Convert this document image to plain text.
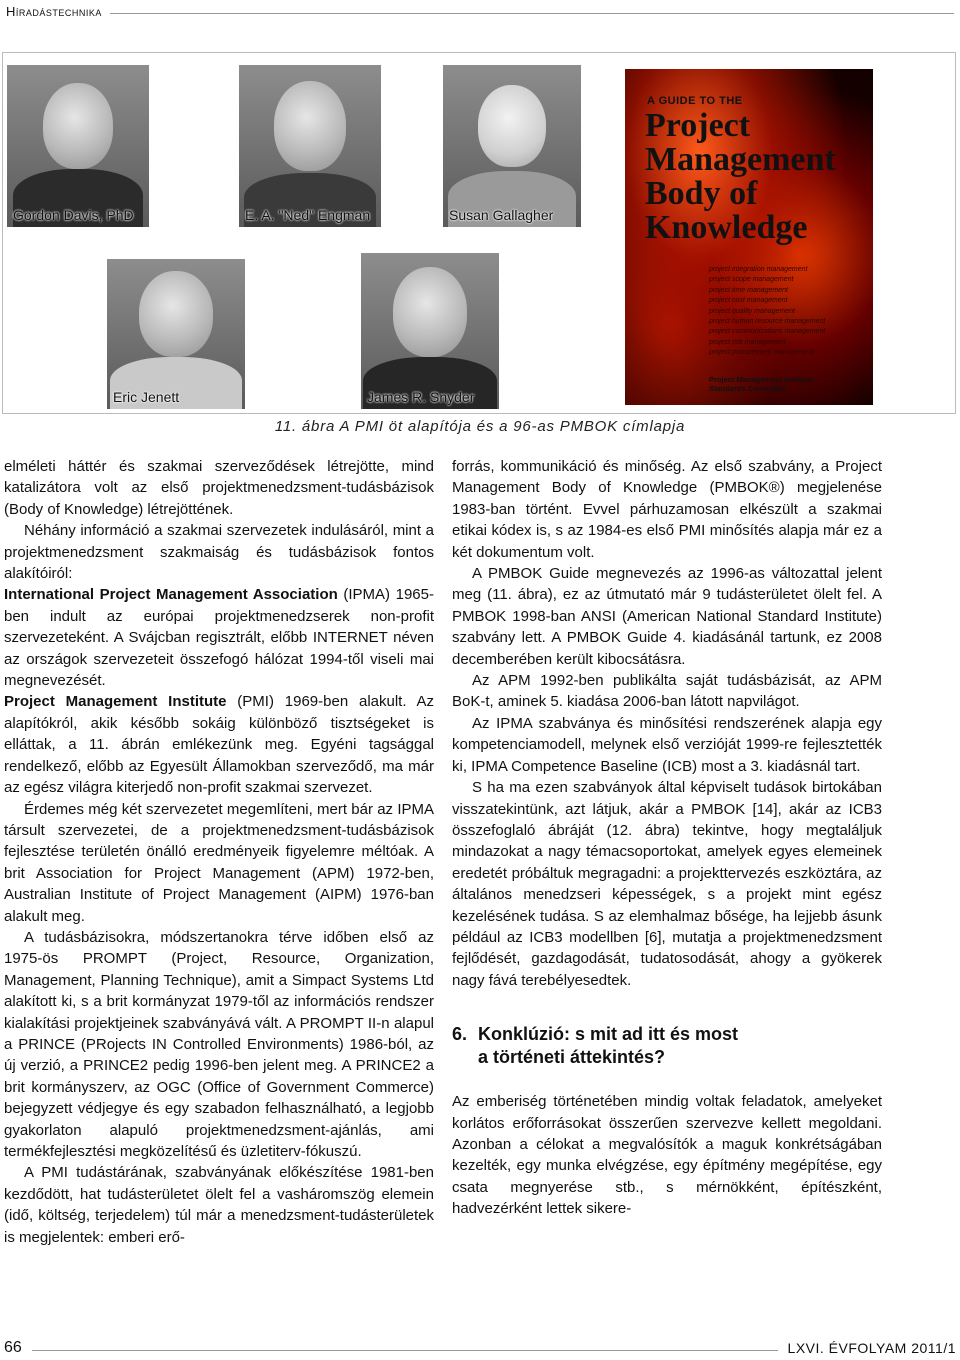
Híradástechnika
Gordon Davis, PhD	E. A. "Ned" Engman	Susan Gallagher
Eric Jenett	James R. Snyder
A GUIDE TO THE
Project
Management
Body of
Knowledge
project integration management
project scope management
project time management
project cost management
project quality management
project human resource management
project communications management
project risk management
project procurement management
Project Management Institute
Standards Committee
11. ábra A PMI öt alapítója és a 96-as PMBOK címlapja

elméleti háttér és szakmai szerveződések létrejötte, mind katalizátora volt az első projektmenedzsment-tudásbázisok (Body of Knowledge) létrejöttének.

Néhány információ a szakmai szervezetek indulásáról, mint a projektmenedzsment szakmaiság és tudásbázisok fontos alakítóiról:

International Project Management Association (IPMA) 1965-ben indult az európai projektmenedzserek non-profit szervezeteként. A Svájcban regisztrált, előbb INTERNET néven az országok szervezeteit összefogó hálózat 1994-től viseli mai megnevezését.

Project Management Institute (PMI) 1969-ben alakult. Az alapítókról, akik később sokáig különböző tisztségeket is elláttak, a 11. ábrán emlékezünk meg. Egyéni tagsággal rendelkező, előbb az Egyesült Államokban szerveződő, ma már az egész világra kiterjedő non-profit szakmai szervezet.

Érdemes még két szervezetet megemlíteni, mert bár az IPMA társult szervezetei, de a projektmenedzsment-tudásbázisok fejlesztése területén önálló eredményeik figyelemre méltóak. A brit Association for Project Management (APM) 1972-ben, Australian Institute of Project Management (AIPM) 1976-ban alakult meg.

A tudásbázisokra, módszertanokra térve időben első az 1975-ös PROMPT (Project, Resource, Organization, Management, Planning Technique), amit a Simpact Systems Ltd alakított ki, s a brit kormányzat 1979-től az információs rendszer kialakítási projektjeinek szabványává vált. A PROMPT II-n alapul a PRINCE (PRojects IN Controlled Environments) 1986-ból, az új verzió, a PRINCE2 pedig 1996-ben jelent meg. A PRINCE2 a brit kormányszerv, az OGC (Office of Government Commerce) bejegyzett védjegye és egy szabadon felhasználható, a legjobb gyakorlaton alapuló projektmenedzsment-ajánlás, ami termékfejlesztési megközelítésű és üzletiterv-fókuszú.

A PMI tudástárának, szabványának előkészítése 1981-ben kezdődött, hat tudásterületet ölelt fel a vasháromszög elemein (idő, költség, terjedelem) túl már a menedzsment-tudásterületek is megjelentek: emberi erő-

forrás, kommunikáció és minőség. Az első szabvány, a Project Management Body of Knowledge (PMBOK®) megjelenése 1983-ban történt. Evvel párhuzamosan elkészült a szakmai etikai kódex is, s az 1984-es első PMI minősítés alapja már ez a két dokumentum volt.

A PMBOK Guide megnevezés az 1996-as változattal jelent meg (11. ábra), ez az útmutató már 9 tudásterületet ölelt fel. A PMBOK 1998-ban ANSI (American National Standard Institute) szabvány lett. A PMBOK Guide 4. kiadásánál tartunk, ez 2008 decemberében került kibocsátásra.

Az APM 1992-ben publikálta saját tudásbázisát, az APM BoK-t, aminek 5. kiadása 2006-ban látott napvilágot.

Az IPMA szabványa és minősítési rendszerének alapja egy kompetenciamodell, melynek első verzióját 1999-re fejlesztették ki, IPMA Competence Baseline (ICB) most a 3. kiadásnál tart.

S ha ma ezen szabványok által képviselt tudások birtokában visszatekintünk, azt látjuk, akár a PMBOK [14], akár az ICB3 összefoglaló ábráját (12. ábra) tekintve, hogy megtaláljuk mindazokat a nagy témacsoportokat, amelyek egyes elemeinek eredetét próbáltuk megragadni: a projekttervezés eszköztára, az általános menedzseri képességek, s a projekt mint egész kezelésének tudása. S az elemhalmaz bősége, ha lejjebb ásunk például az ICB3 modellben [6], mutatja a projektmenedzsment fejlődését, gazdagodását, tudatosodását, ahogy a gyökerek nagy fává terebélyesedtek.

6. Konklúzió: s mit ad itt és most
a történeti áttekintés?

Az emberiség történetében mindig voltak feladatok, amelyeket korlátos erőforrásokat összerűen szervezve kellett megoldani. Azonban a célokat a megvalósítók a maguk konkrétságában kezelték, egy munka elvégzése, egy építmény megépítése, egy csata megnyerése stb., s mérnökként, építészként, hadvezérként lettek sikere-

66	LXVI. ÉVFOLYAM 2011/1
